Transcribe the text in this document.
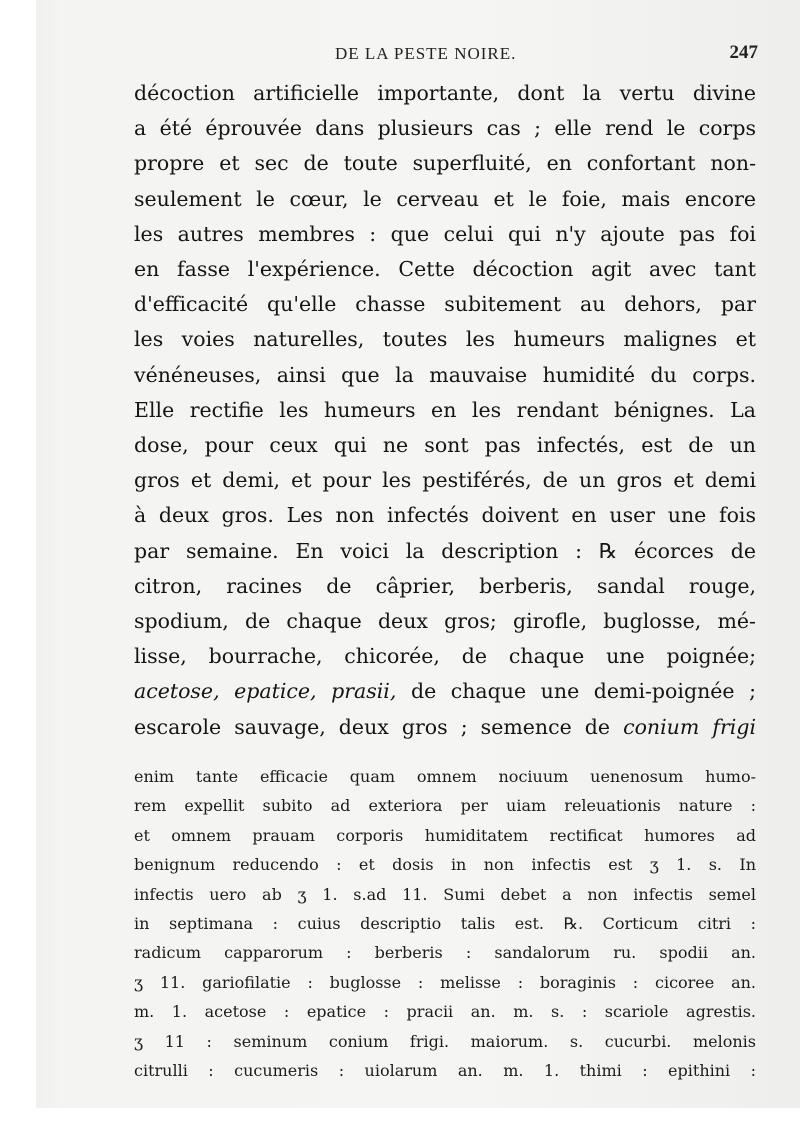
DE LA PESTE NOIRE.	247
décoction artificielle importante, dont la vertu divine
a été éprouvée dans plusieurs cas ; elle rend le corps
propre et sec de toute superfluité, en confortant non-
seulement le cœur, le cerveau et le foie, mais encore
les autres membres : que celui qui n'y ajoute pas foi
en fasse l'expérience. Cette décoction agit avec tant
d'efficacité qu'elle chasse subitement au dehors, par
les voies naturelles, toutes les humeurs malignes et
vénéneuses, ainsi que la mauvaise humidité du corps.
Elle rectifie les humeurs en les rendant bénignes. La
dose, pour ceux qui ne sont pas infectés, est de un
gros et demi, et pour les pestiférés, de un gros et demi
à deux gros. Les non infectés doivent en user une fois
par semaine. En voici la description : ℞ écorces de
citron, racines de câprier, berberis, sandal rouge,
spodium, de chaque deux gros; girofle, buglosse, mé-
lisse, bourrache, chicorée, de chaque une poignée;
acetose, epatice, prasii, de chaque une demi-poignée ;
escarole sauvage, deux gros ; semence de conium frigi
enim tante efficacie quam omnem nociuum uenenosum humo-
rem expellit subito ad exteriora per uiam releuationis nature :
et omnem prauam corporis humiditatem rectificat humores ad
benignum reducendo : et dosis in non infectis est ʒ 1. s. In
infectis uero ab ʒ 1. s.ad 11. Sumi debet a non infectis semel
in septimana : cuius descriptio talis est. ℞. Corticum citri :
radicum capparorum : berberis : sandalorum ru. spodii an.
ʒ 11. gariofilatie : buglosse : melisse : boraginis : cicoree an.
m. 1. acetose : epatice : pracii an. m. s. : scariole agrestis.
ʒ 11 : seminum conium frigi. maiorum. s. cucurbi. melonis
citrulli : cucumeris : uiolarum an. m. 1. thimi : epithini :
